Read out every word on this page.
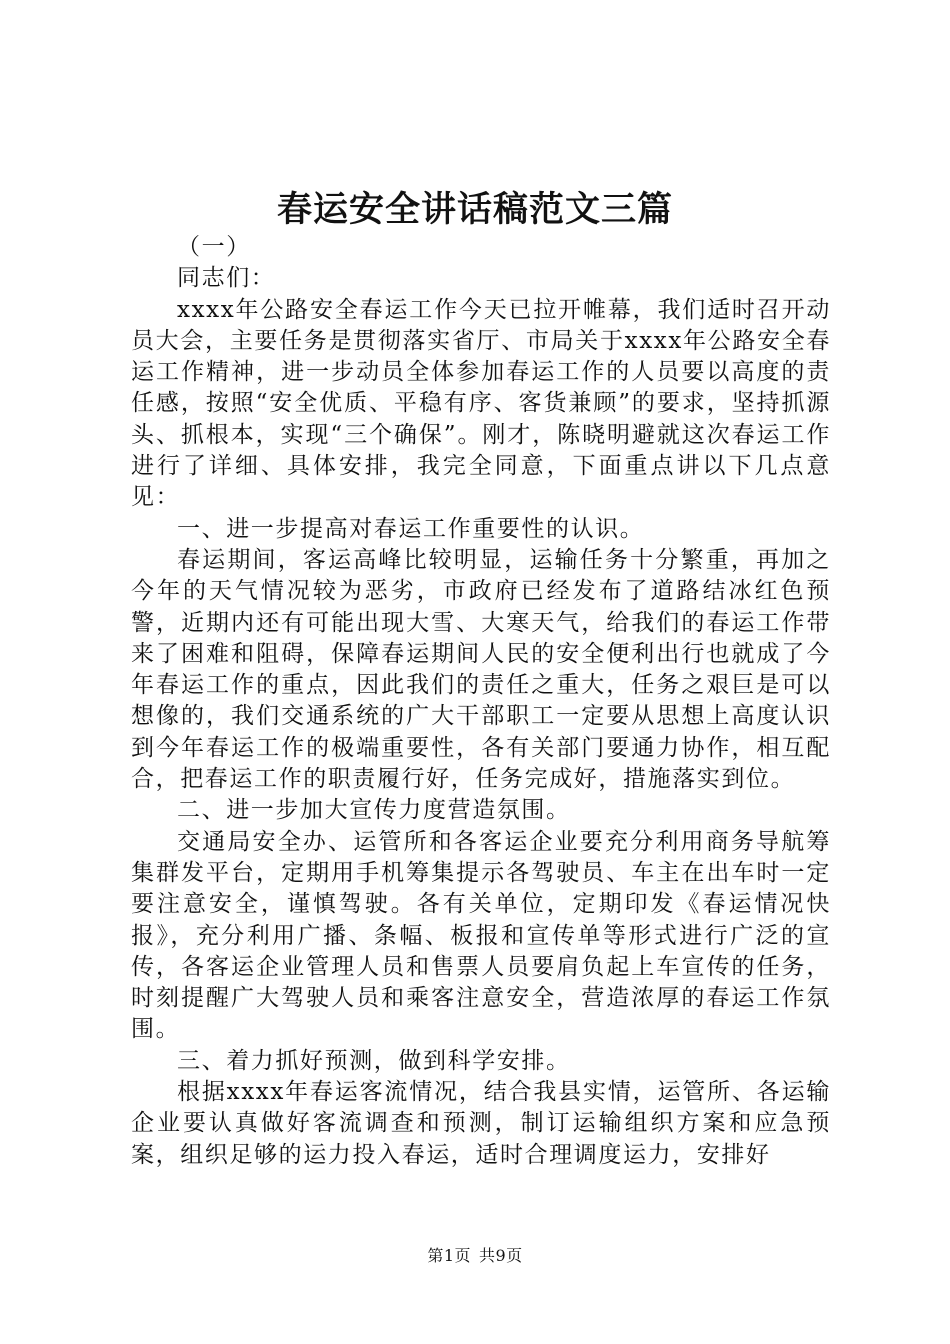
春运安全讲话稿范文三篇

（一）

同志们：

xxxx年公路安全春运工作今天已拉开帷幕，我们适时召开动员大会，主要任务是贯彻落实省厅、市局关于xxxx年公路安全春运工作精神，进一步动员全体参加春运工作的人员要以高度的责任感，按照“安全优质、平稳有序、客货兼顾”的要求，坚持抓源头、抓根本，实现“三个确保”。刚才，陈晓明避就这次春运工作进行了详细、具体安排，我完全同意，下面重点讲以下几点意见：

一、进一步提高对春运工作重要性的认识。

春运期间，客运高峰比较明显，运输任务十分繁重，再加之今年的天气情况较为恶劣，市政府已经发布了道路结冰红色预警，近期内还有可能出现大雪、大寒天气，给我们的春运工作带来了困难和阻碍，保障春运期间人民的安全便利出行也就成了今年春运工作的重点，因此我们的责任之重大，任务之艰巨是可以想像的，我们交通系统的广大干部职工一定要从思想上高度认识到今年春运工作的极端重要性，各有关部门要通力协作，相互配合，把春运工作的职责履行好，任务完成好，措施落实到位。

二、进一步加大宣传力度营造氛围。

交通局安全办、运管所和各客运企业要充分利用商务导航筹集群发平台，定期用手机筹集提示各驾驶员、车主在出车时一定要注意安全，谨慎驾驶。各有关单位，定期印发《春运情况快报》，充分利用广播、条幅、板报和宣传单等形式进行广泛的宣传，各客运企业管理人员和售票人员要肩负起上车宣传的任务，时刻提醒广大驾驶人员和乘客注意安全，营造浓厚的春运工作氛围。

三、着力抓好预测，做到科学安排。

根据xxxx年春运客流情况，结合我县实情，运管所、各运输企业要认真做好客流调查和预测，制订运输组织方案和应急预案，组织足够的运力投入春运，适时合理调度运力，安排好

第1页 共9页
